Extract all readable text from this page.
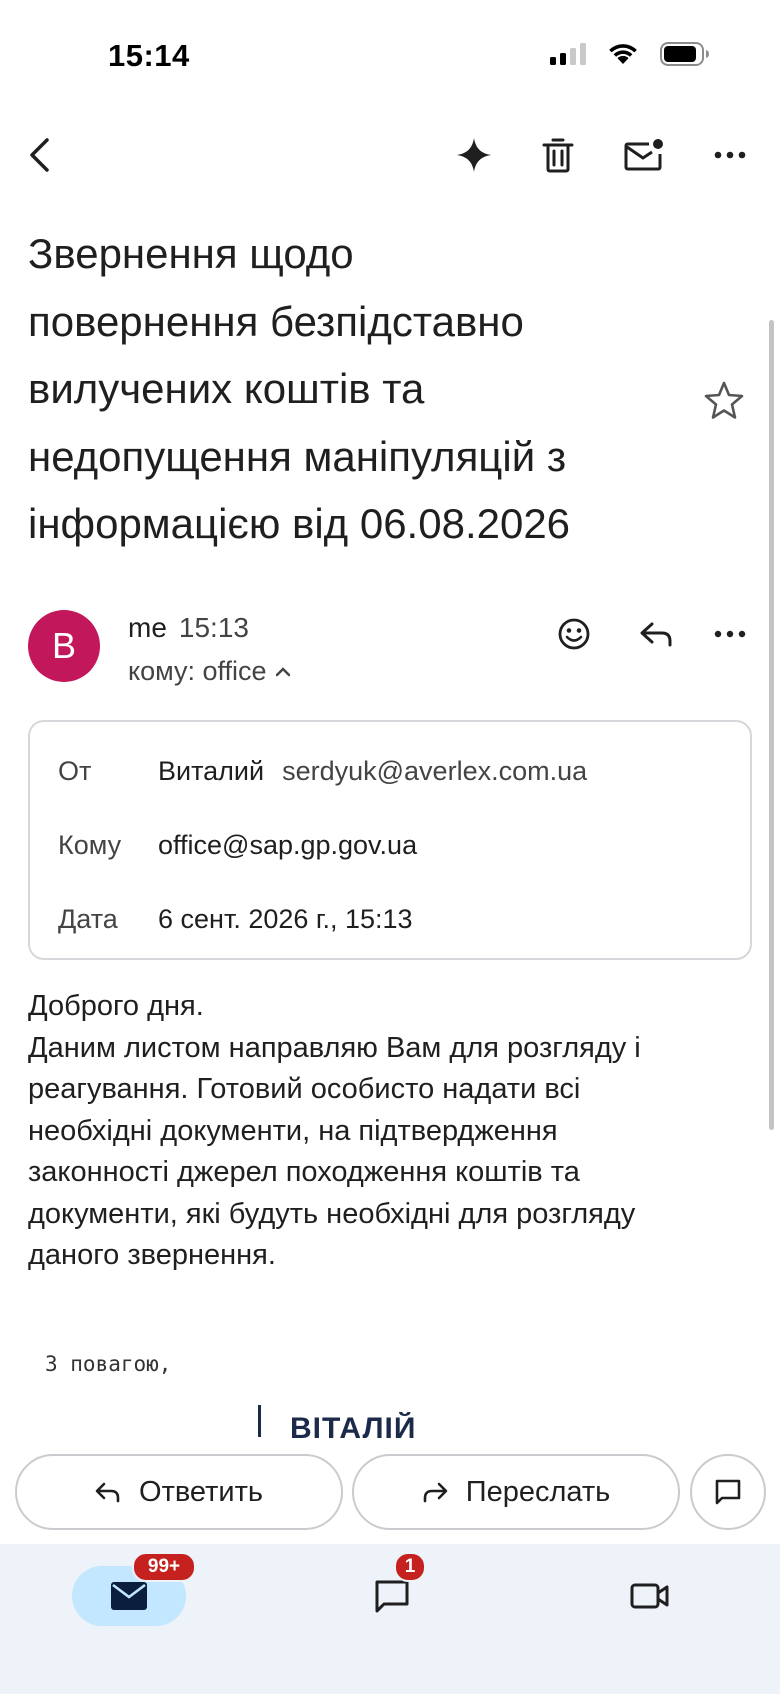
15:14
Звернення щодо
повернення безпідставно
вилучених коштів та
недопущення маніпуляцій з
інформацією від 06.08.2026
B	me 15:13
кому: office
От Виталий serdyuk@averlex.com.ua
Кому office@sap.gp.gov.ua
Дата 6 сент. 2026 г., 15:13

Доброго дня.

Даним листом направляю Вам для розгляду і

реагування. Готовий особисто надати всі

необхідні документи, на підтвердження

законності джерел походження коштів та

документи, які будуть необхідні для розгляду

даного звернення.

З повагою,
ВІТАЛІЙ
Ответить	Переслать
99+	1
